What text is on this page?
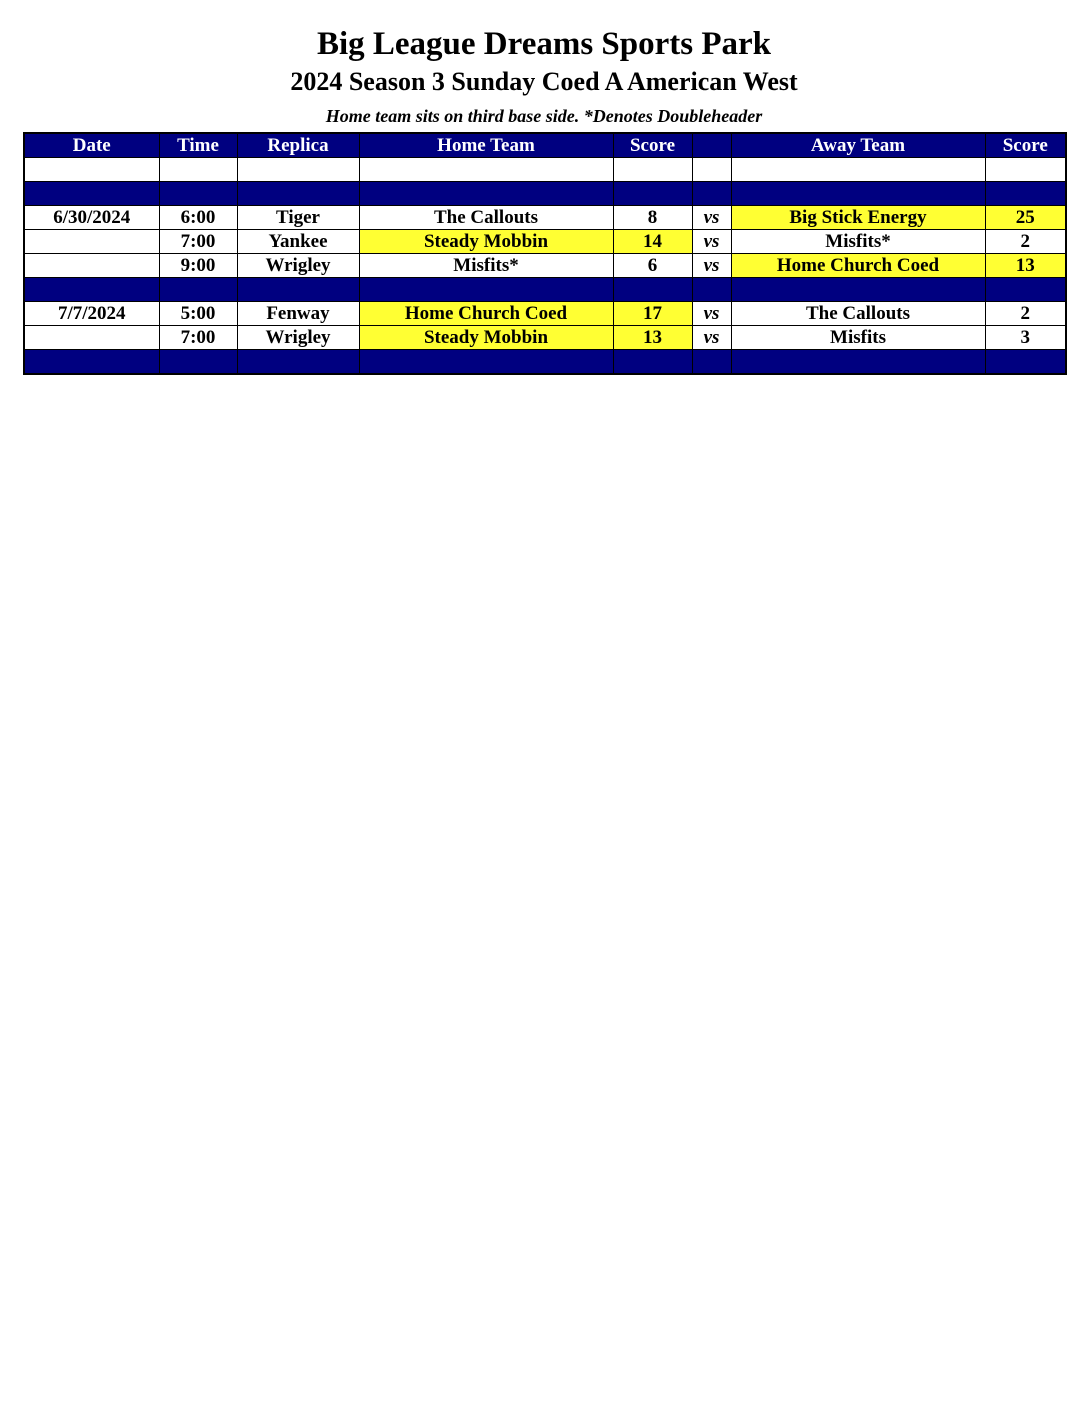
Big League Dreams Sports Park
2024 Season 3 Sunday Coed A American West
Home team sits on third base side. *Denotes Doubleheader
Date	Time	Replica	Home Team	Score		Away Team	Score

6/30/2024	6:00	Tiger	The Callouts	8	vs	Big Stick Energy	25
	7:00	Yankee	Steady Mobbin	14	vs	Misfits*	2
	9:00	Wrigley	Misfits*	6	vs	Home Church Coed	13

7/7/2024	5:00	Fenway	Home Church Coed	17	vs	The Callouts	2
	7:00	Wrigley	Steady Mobbin	13	vs	Misfits	3
